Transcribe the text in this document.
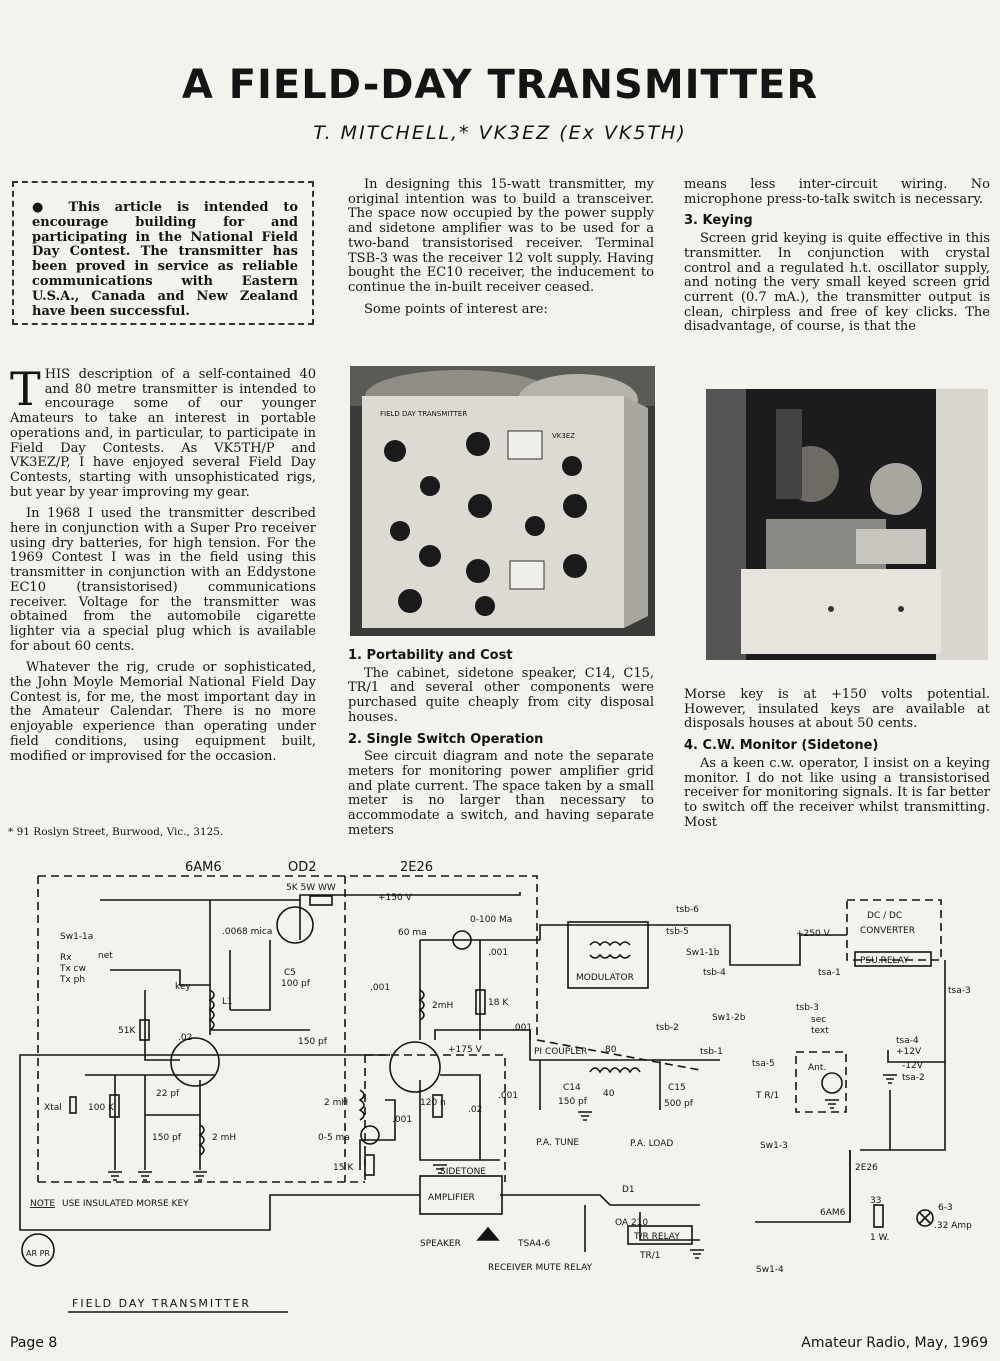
A FIELD-DAY TRANSMITTER
T. MITCHELL,* VK3EZ (Ex VK5TH)
● This article is intended to encourage building for and participating in the National Field Day Contest. The transmitter has been proved in service as reliable communications with Eastern U.S.A., Canada and New Zealand have been successful.

THIS description of a self-contained 40 and 80 metre transmitter is intended to encourage some of our younger Amateurs to take an interest in portable operations and, in particular, to participate in Field Day Contests. As VK5TH/P and VK3EZ/P, I have enjoyed several Field Day Contests, starting with unsophisticated rigs, but year by year improving my gear.

In 1968 I used the transmitter described here in conjunction with a Super Pro receiver using dry batteries, for high tension. For the 1969 Contest I was in the field using this transmitter in conjunction with an Eddystone EC10 (transistorised) communications receiver. Voltage for the transmitter was obtained from the automobile cigarette lighter via a special plug which is available for about 60 cents.

Whatever the rig, crude or sophisticated, the John Moyle Memorial National Field Day Contest is, for me, the most important day in the Amateur Calendar. There is no more enjoyable experience than operating under field conditions, using equipment built, modified or improvised for the occasion.

* 91 Roslyn Street, Burwood, Vic., 3125.

In designing this 15-watt transmitter, my original intention was to build a transceiver. The space now occupied by the power supply and sidetone amplifier was to be used for a two-band transistorised receiver. Terminal TSB-3 was the receiver 12 volt supply. Having bought the EC10 receiver, the inducement to continue the in-built receiver ceased.

Some points of interest are:

1. Portability and Cost

The cabinet, sidetone speaker, C14, C15, TR/1 and several other components were purchased quite cheaply from city disposal houses.

2. Single Switch Operation

See circuit diagram and note the separate meters for monitoring power amplifier grid and plate current. The space taken by a small meter is no larger than necessary to accommodate a switch, and having separate meters

means less inter-circuit wiring. No microphone press-to-talk switch is necessary.

3. Keying

Screen grid keying is quite effective in this transmitter. In conjunction with crystal control and a regulated h.t. oscillator supply, and noting the very small keyed screen grid current (0.7 mA.), the transmitter output is clean, chirpless and free of key clicks. The disadvantage, of course, is that the

Morse key is at +150 volts potential. However, insulated keys are available at disposals houses at about 50 cents.

4. C.W. Monitor (Sidetone)

As a keen c.w. operator, I insist on a keying monitor. I do not like using a transistorised receiver for monitoring signals. It is far better to switch off the receiver whilst transmitting. Most

FIELD DAY TRANSMITTER
VK3EZ
6AM6	OD2	2E26
5K 5W WW
+150 V
Sw1-1a
net
Rx
Tx cw
Tx ph
.0068 mica
key
C5
100 pf
L1
51K
.02	150 pf
Xtal	100 K
22 pf
150 pf	2 mH
2 mH
0-100 Ma
60 ma
.001
.001
2mH	18 K
.001
PI COUPLER
C14
150 pf
80
40
C15
500 pf
P.A. TUNE	P.A. LOAD
+175 V
120 n
.001
.02
.001
0-5 ma
15 K
MODULATOR
tsb-6
tsb-5
tsb-4
Sw1-1b
+250 V.
tsa-1
DC / DC
CONVERTER
PSU.RELAY
tsa-3
Sw1-2b
tsb-2
tsb-3
sec
text
tsb-1
tsa-4
+12V
-12V
tsa-2
tsa-5	Ant.
T R/1
Sw1-3
SIDETONE
AMPLIFIER
D1
OA 210
T/R RELAY
TR/1
SPEAKER	TSA4-6
RECEIVER MUTE RELAY	Sw1-4
NOTE USE INSULATED MORSE KEY
2E26
6AM6
33
1 W.
6-3
.32 Amp
AR PR
FIELD DAY TRANSMITTER
Page 8	Amateur Radio, May, 1969
